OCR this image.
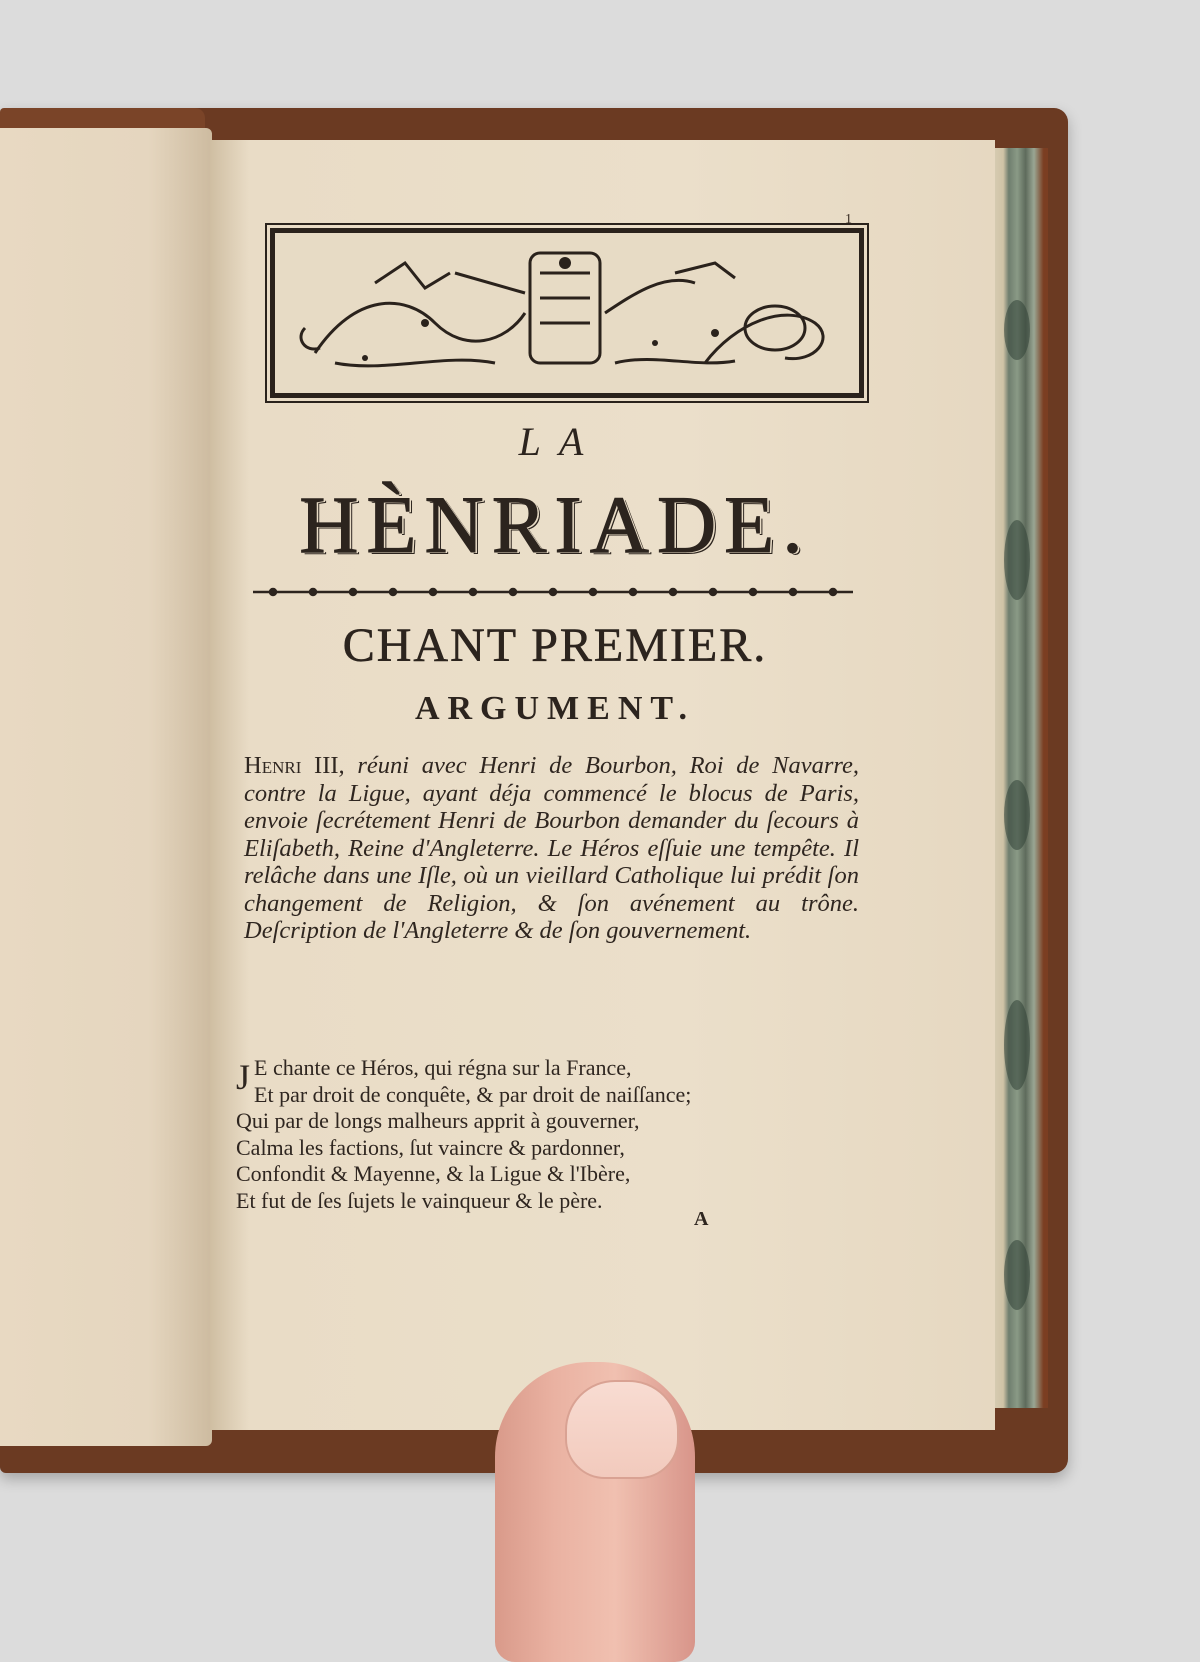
1
LA
HÈNRIADE.
CHANT PREMIER.
ARGUMENT.
Henri III, réuni avec Henri de Bourbon, Roi de Navarre, contre la Ligue, ayant déja commencé le blocus de Paris, envoie ſecrétement Henri de Bourbon demander du ſecours à Eliſabeth, Reine d'Angleterre. Le Héros eſſuie une tempête. Il relâche dans une Iſle, où un vieillard Catholique lui prédit ſon changement de Religion, & ſon avénement au trône. Deſcription de l'Angleterre & de ſon gouvernement.
J E chante ce Héros, qui régna sur la France,
Et par droit de conquête, & par droit de naiſſance;
Qui par de longs malheurs apprit à gouverner,
Calma les factions, ſut vaincre & pardonner,
Confondit & Mayenne, & la Ligue & l'Ibère,
Et fut de ſes ſujets le vainqueur & le père.
A
